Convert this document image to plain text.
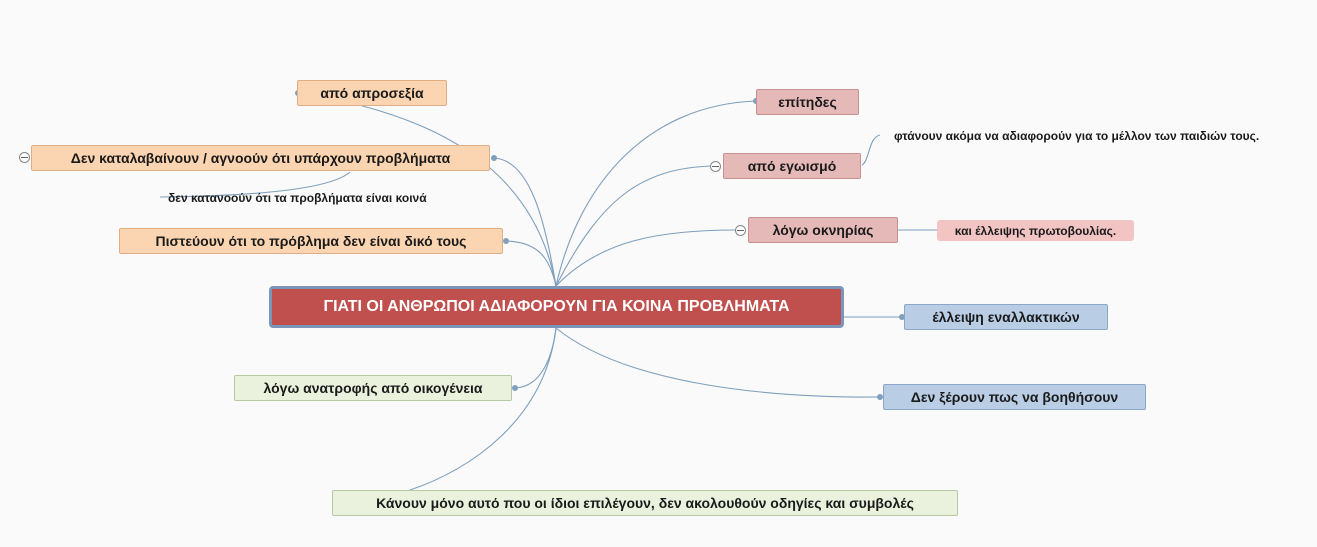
ΓΙΑΤΙ ΟΙ ΑΝΘΡΩΠΟΙ ΑΔΙΑΦΟΡΟΥΝ ΓΙΑ ΚΟΙΝΑ ΠΡΟΒΛΗΜΑΤΑ
από απροσεξία
Δεν καταλαβαίνουν / αγνοούν ότι υπάρχουν προβλήματα
δεν κατανοούν ότι τα προβλήματα είναι κοινά
Πιστεύουν ότι το πρόβλημα δεν είναι δικό τους
λόγω ανατροφής από οικογένεια
Κάνουν μόνο αυτό που οι ίδιοι επιλέγουν, δεν ακολουθούν οδηγίες και συμβολές
επίτηδες
από εγωισμό
φτάνουν ακόμα να αδιαφορούν για το μέλλον των παιδιών τους.
λόγω οκνηρίας	και έλλειψης πρωτοβουλίας.
έλλειψη εναλλακτικών
Δεν ξέρουν πως να βοηθήσουν
